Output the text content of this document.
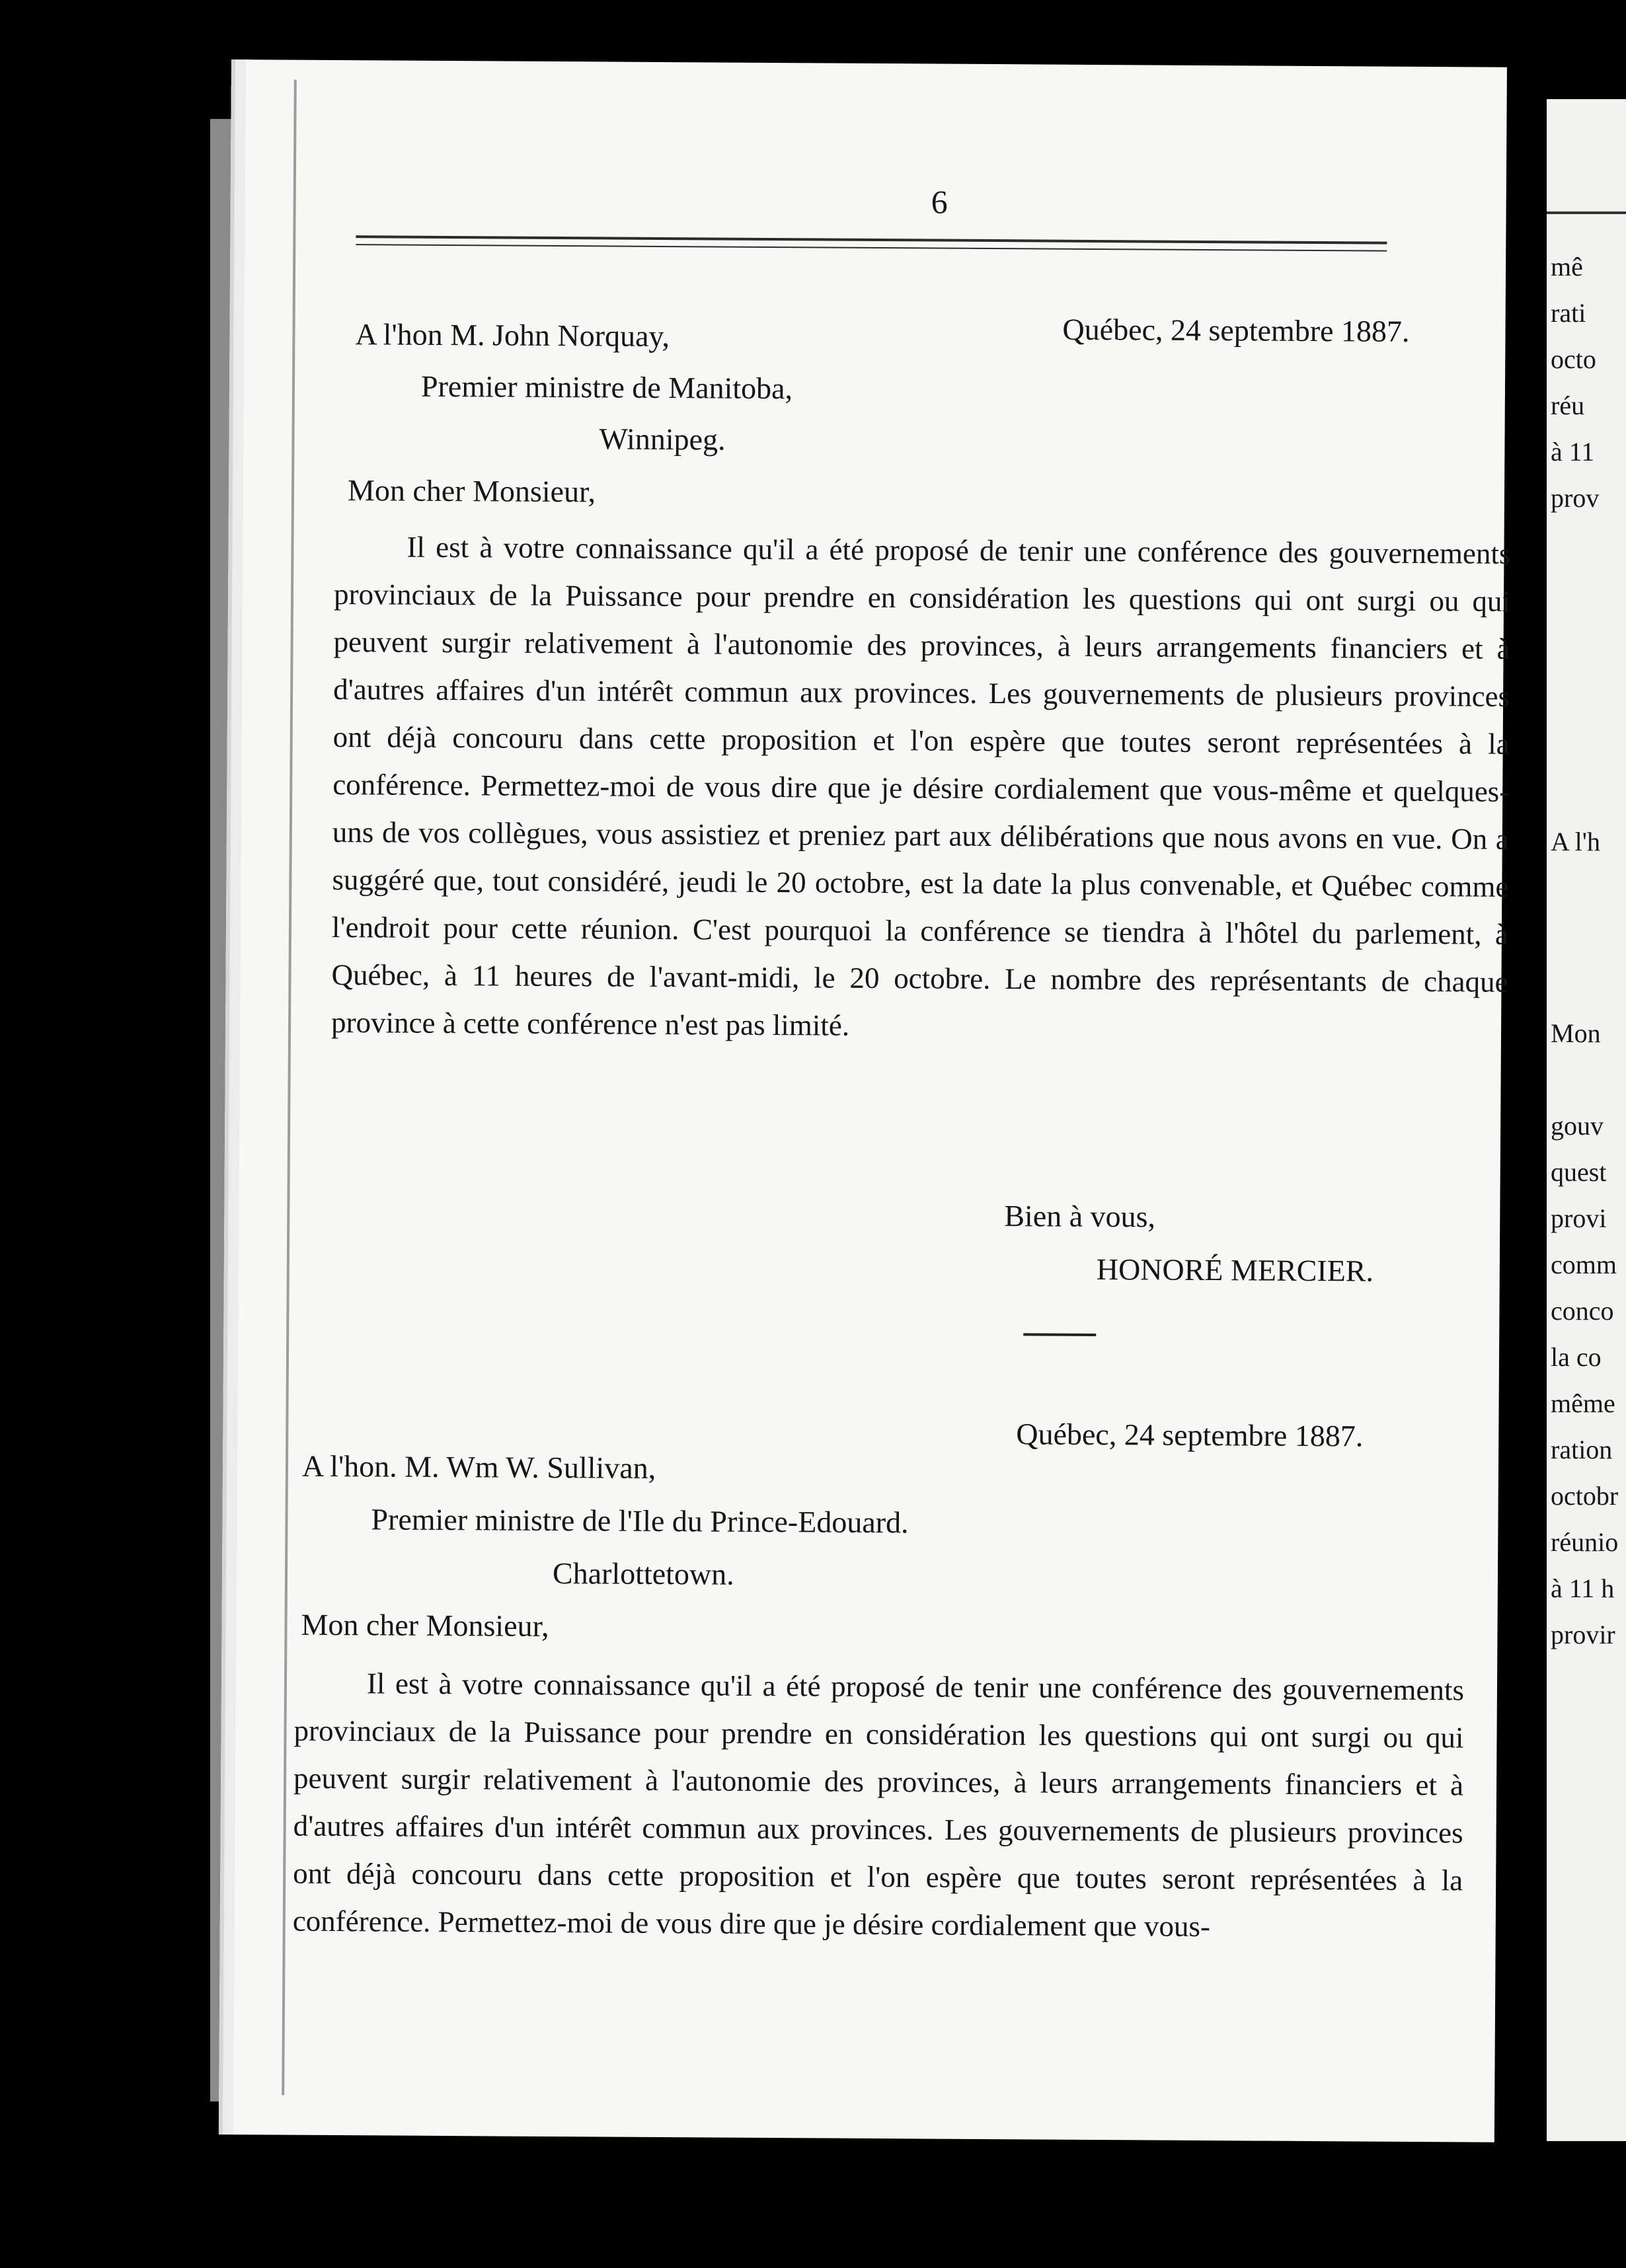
6
Québec, 24 septembre 1887.
A l'hon M. John Norquay,
Premier ministre de Manitoba,
Winnipeg.
Mon cher Monsieur,

Il est à votre connaissance qu'il a été proposé de tenir une conférence des gouvernements provinciaux de la Puissance pour prendre en considération les questions qui ont surgi ou qui peuvent surgir relativement à l'autonomie des provinces, à leurs arrangements financiers et à d'autres affaires d'un intérêt commun aux provinces. Les gouvernements de plusieurs provinces ont déjà concouru dans cette proposition et l'on espère que toutes seront représentées à la conférence. Permettez-moi de vous dire que je désire cordialement que vous-même et quelques-uns de vos collègues, vous assistiez et preniez part aux délibérations que nous avons en vue. On a suggéré que, tout considéré, jeudi le 20 octobre, est la date la plus convenable, et Québec comme l'endroit pour cette réunion. C'est pourquoi la conférence se tiendra à l'hôtel du parlement, à Québec, à 11 heures de l'avant-midi, le 20 octobre. Le nombre des représentants de chaque province à cette conférence n'est pas limité.

Bien à vous,
HONORÉ MERCIER.
Québec, 24 septembre 1887.
A l'hon. M. Wm W. Sullivan,
Premier ministre de l'Ile du Prince-Edouard.
Charlottetown.
Mon cher Monsieur,

Il est à votre connaissance qu'il a été proposé de tenir une conférence des gouvernements provinciaux de la Puissance pour prendre en considération les questions qui ont surgi ou qui peuvent surgir relativement à l'autonomie des provinces, à leurs arrangements financiers et à d'autres affaires d'un intérêt commun aux provinces. Les gouvernements de plusieurs provinces ont déjà concouru dans cette proposition et l'on espère que toutes seront représentées à la conférence. Permettez-moi de vous dire que je désire cordialement que vous-

mê
rati
octo
réu
à 11
prov
A l'h
Mon
gouv
quest
provi
comm
conco
la co
même
ration
octobr
réunio
à 11 h
provir
